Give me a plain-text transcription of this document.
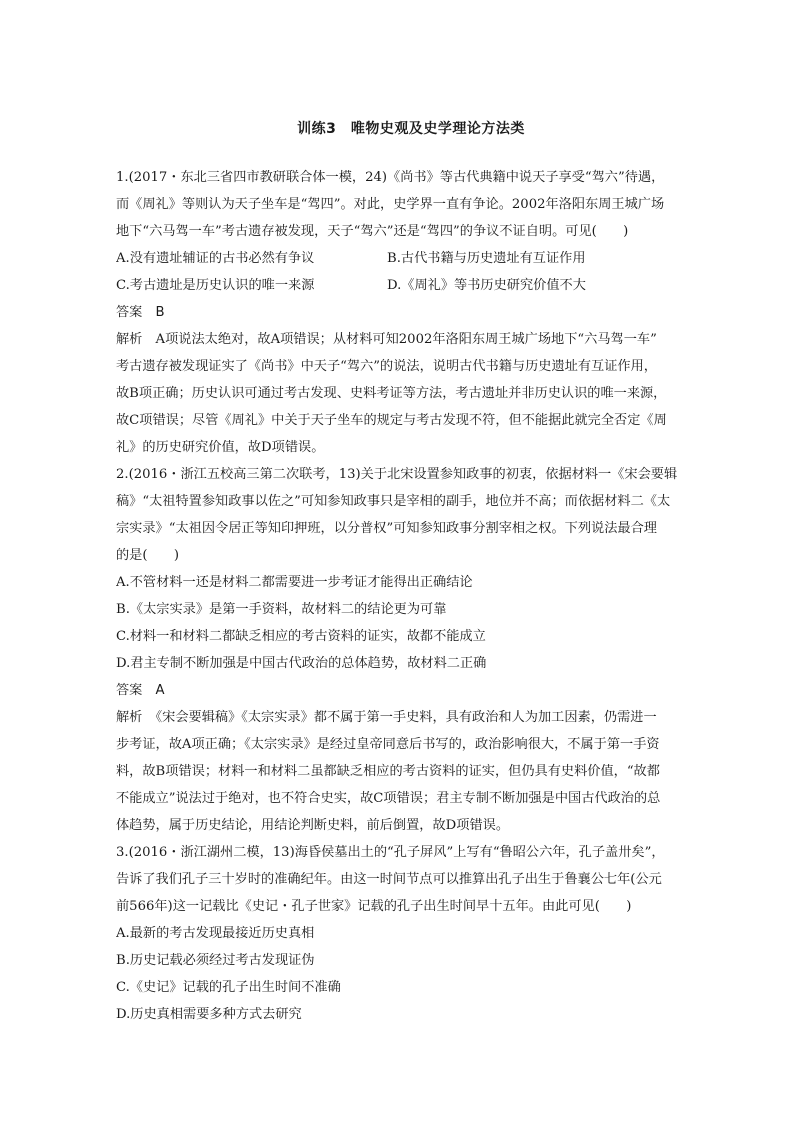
训练3　唯物史观及史学理论方法类
1.(2017・东北三省四市教研联合体一模，24)《尚书》等古代典籍中说天子享受“驾六”待遇，
而《周礼》等则认为天子坐车是“驾四”。对此，史学界一直有争论。2002年洛阳东周王城广场
地下“六马驾一车”考古遗存被发现，天子“驾六”还是“驾四”的争议不证自明。可见(　　)
A.没有遗址辅证的古书必然有争议	B.古代书籍与历史遗址有互证作用
C.考古遗址是历史认识的唯一来源	D.《周礼》等书历史研究价值不大
答案　B
解析　A项说法太绝对，故A项错误；从材料可知2002年洛阳东周王城广场地下“六马驾一车”
考古遗存被发现证实了《尚书》中天子“驾六”的说法，说明古代书籍与历史遗址有互证作用，
故B项正确；历史认识可通过考古发现、史料考证等方法，考古遗址并非历史认识的唯一来源，
故C项错误；尽管《周礼》中关于天子坐车的规定与考古发现不符，但不能据此就完全否定《周
礼》的历史研究价值，故D项错误。
2.(2016・浙江五校高三第二次联考，13)关于北宋设置参知政事的初衷，依据材料一《宋会要辑
稿》“太祖特置参知政事以佐之”可知参知政事只是宰相的副手，地位并不高；而依据材料二《太
宗实录》“太祖因令居正等知印押班，以分普权”可知参知政事分割宰相之权。下列说法最合理
的是(　　)
A.不管材料一还是材料二都需要进一步考证才能得出正确结论
B.《太宗实录》是第一手资料，故材料二的结论更为可靠
C.材料一和材料二都缺乏相应的考古资料的证实，故都不能成立
D.君主专制不断加强是中国古代政治的总体趋势，故材料二正确
答案　A
解析　《宋会要辑稿》《太宗实录》都不属于第一手史料，具有政治和人为加工因素，仍需进一
步考证，故A项正确；《太宗实录》是经过皇帝同意后书写的，政治影响很大，不属于第一手资
料，故B项错误；材料一和材料二虽都缺乏相应的考古资料的证实，但仍具有史料价值，“故都
不能成立”说法过于绝对，也不符合史实，故C项错误；君主专制不断加强是中国古代政治的总
体趋势，属于历史结论，用结论判断史料，前后倒置，故D项错误。
3.(2016・浙江湖州二模，13)海昏侯墓出土的“孔子屏风”上写有“鲁昭公六年，孔子盖卅矣”，
告诉了我们孔子三十岁时的准确纪年。由这一时间节点可以推算出孔子出生于鲁襄公七年(公元
前566年)这一记载比《史记・孔子世家》记载的孔子出生时间早十五年。由此可见(　　)
A.最新的考古发现最接近历史真相
B.历史记载必须经过考古发现证伪
C.《史记》记载的孔子出生时间不准确
D.历史真相需要多种方式去研究
